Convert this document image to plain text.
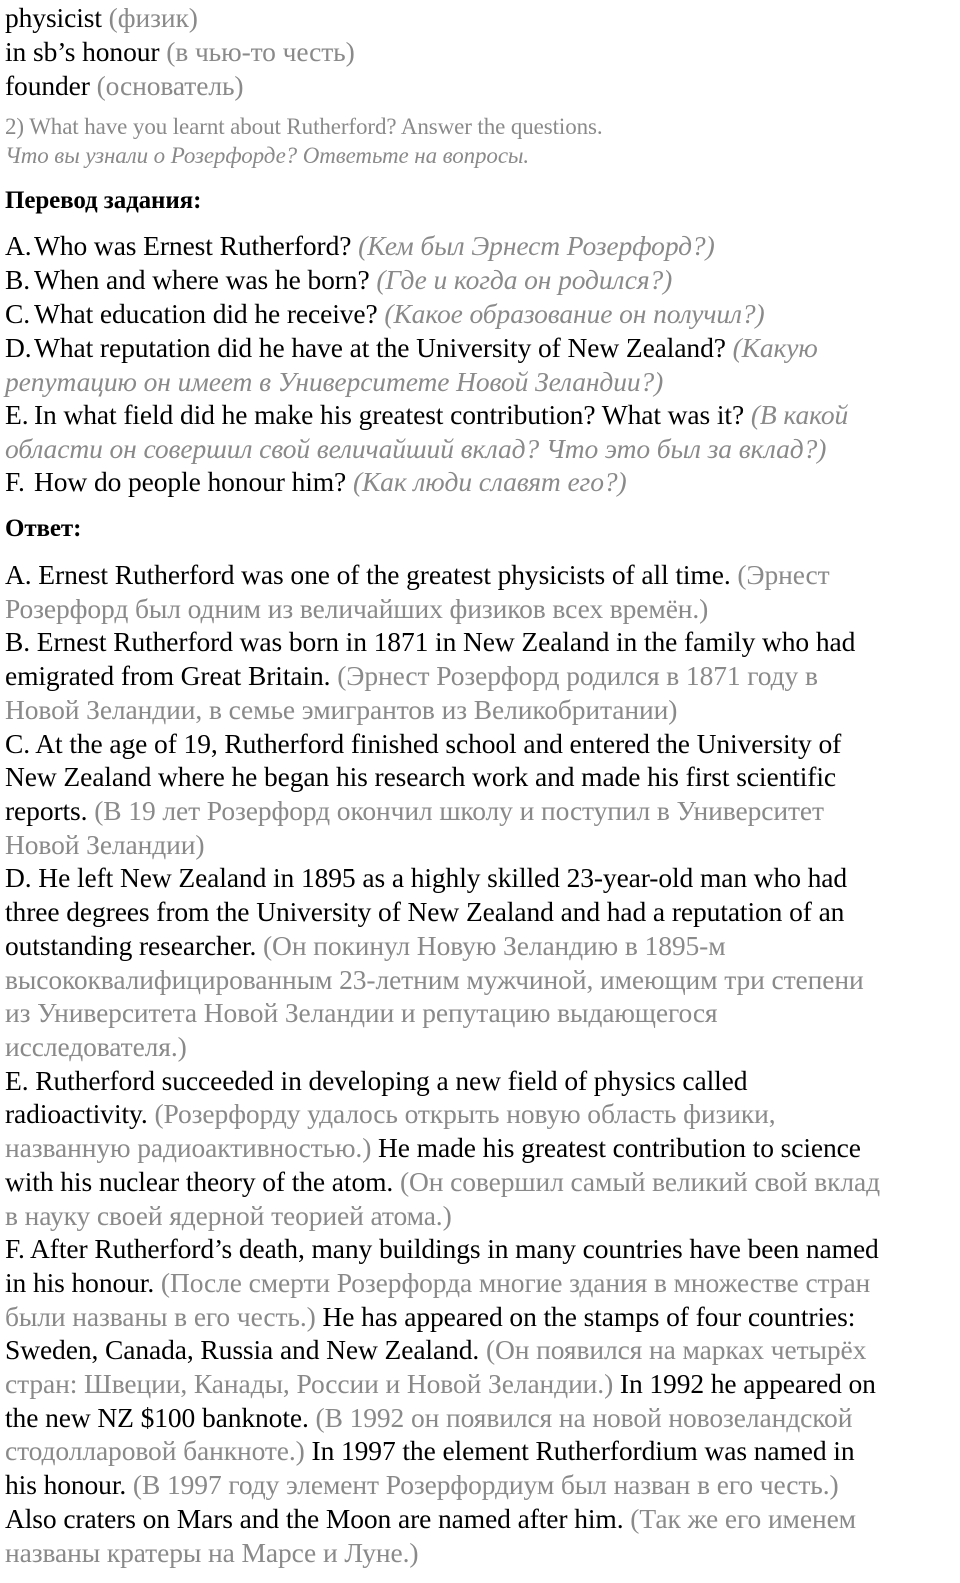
physicist (физик)
in sb’s honour (в чью-то честь)
founder (основатель)
2) What have you learnt about Rutherford? Answer the questions.
Что вы узнали о Розерфорде? Ответьте на вопросы.
Перевод задания:
A.Who was Ernest Rutherford? (Кем был Эрнест Розерфорд?)
B. When and where was he born? (Где и когда он родился?)
C. What education did he receive? (Какое образование он получил?)
D.What reputation did he have at the University of New Zealand? (Какую
репутацию он имеет в Университете Новой Зеландии?)
E. In what field did he make his greatest contribution? What was it? (В какой
области он совершил свой величайший вклад? Что это был за вклад?)
F. How do people honour him? (Как люди славят его?)
Ответ:
A. Ernest Rutherford was one of the greatest physicists of all time. (Эрнест
Розерфорд был одним из величайших физиков всех времён.)
B. Ernest Rutherford was born in 1871 in New Zealand in the family who had
emigrated from Great Britain. (Эрнест Розерфорд родился в 1871 году в
Новой Зеландии, в семье эмигрантов из Великобритании)
C. At the age of 19, Rutherford finished school and entered the University of
New Zealand where he began his research work and made his first scientific
reports. (В 19 лет Розерфорд окончил школу и поступил в Университет
Новой Зеландии)
D. He left New Zealand in 1895 as a highly skilled 23-year-old man who had
three degrees from the University of New Zealand and had a reputation of an
outstanding researcher. (Он покинул Новую Зеландию в 1895-м
высококвалифицированным 23-летним мужчиной, имеющим три степени
из Университета Новой Зеландии и репутацию выдающегося
исследователя.)
E. Rutherford succeeded in developing a new field of physics called
radioactivity. (Розерфорду удалось открыть новую область физики,
названную радиоактивностью.) He made his greatest contribution to science
with his nuclear theory of the atom. (Он совершил самый великий свой вклад
в науку своей ядерной теорией атома.)
F. After Rutherford’s death, many buildings in many countries have been named
in his honour. (После смерти Розерфорда многие здания в множестве стран
были названы в его честь.) He has appeared on the stamps of four countries:
Sweden, Canada, Russia and New Zealand. (Он появился на марках четырёх
стран: Швеции, Канады, России и Новой Зеландии.) In 1992 he appeared on
the new NZ $100 banknote. (В 1992 он появился на новой новозеландской
стодолларовой банкноте.) In 1997 the element Rutherfordium was named in
his honour. (В 1997 году элемент Розерфордиум был назван в его честь.)
Also craters on Mars and the Moon are named after him. (Так же его именем
названы кратеры на Марсе и Луне.)
